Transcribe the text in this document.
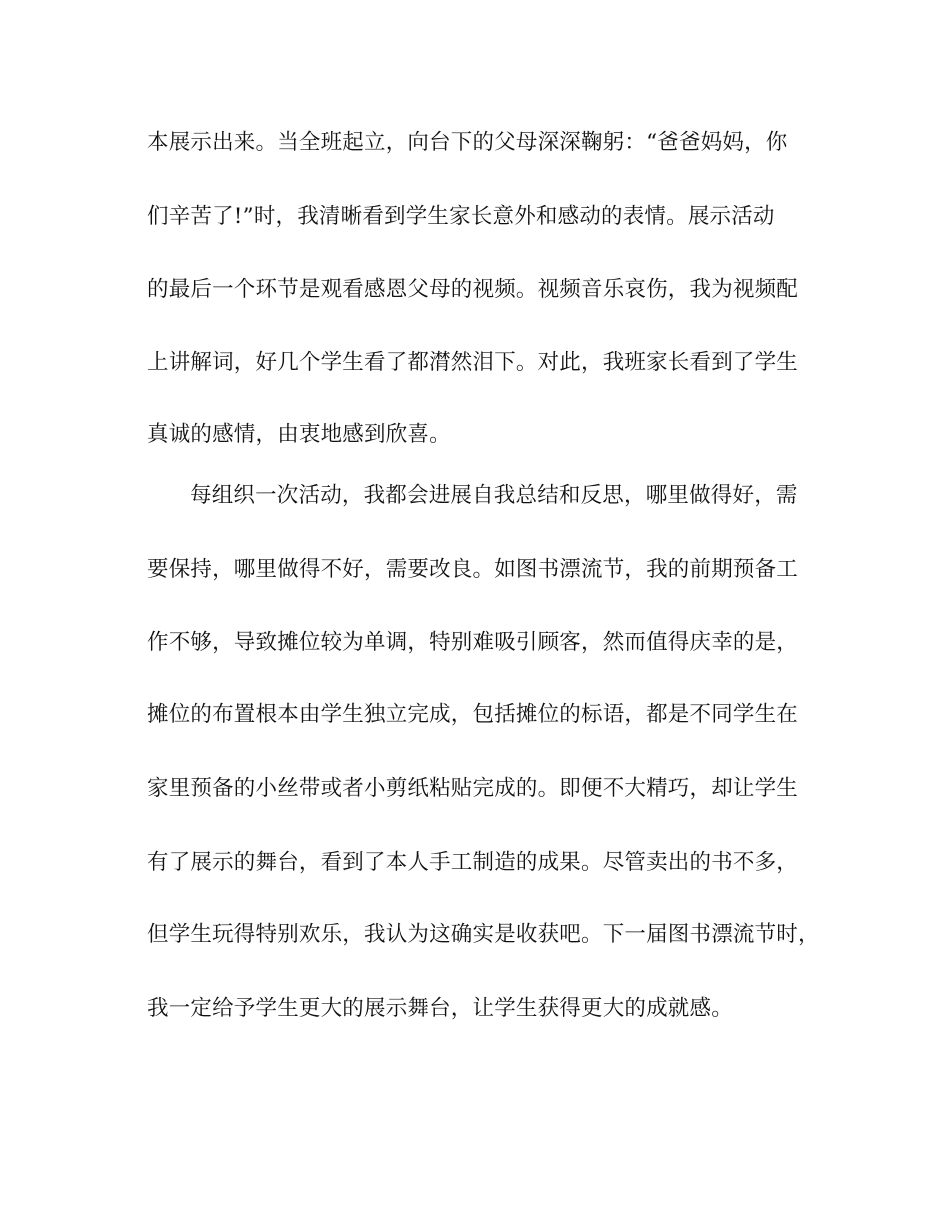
本展示出来。当全班起立，向台下的父母深深鞠躬：“爸爸妈妈，你
们辛苦了!”时，我清晰看到学生家长意外和感动的表情。展示活动
的最后一个环节是观看感恩父母的视频。视频音乐哀伤，我为视频配
上讲解词，好几个学生看了都潸然泪下。对此，我班家长看到了学生
真诚的感情，由衷地感到欣喜。
每组织一次活动，我都会进展自我总结和反思，哪里做得好，需
要保持，哪里做得不好，需要改良。如图书漂流节，我的前期预备工
作不够，导致摊位较为单调，特别难吸引顾客，然而值得庆幸的是，
摊位的布置根本由学生独立完成，包括摊位的标语，都是不同学生在
家里预备的小丝带或者小剪纸粘贴完成的。即便不大精巧，却让学生
有了展示的舞台，看到了本人手工制造的成果。尽管卖出的书不多，
但学生玩得特别欢乐，我认为这确实是收获吧。下一届图书漂流节时，
我一定给予学生更大的展示舞台，让学生获得更大的成就感。
